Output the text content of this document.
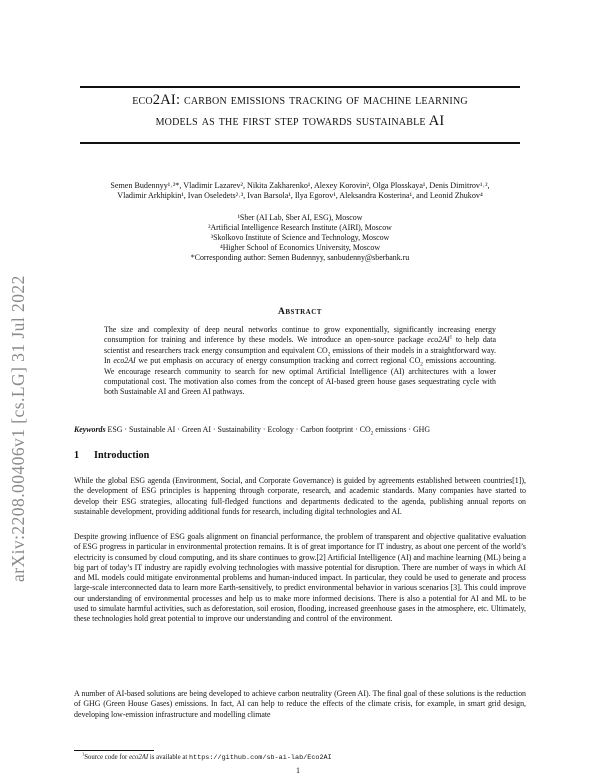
arXiv:2208.00406v1 [cs.LG] 31 Jul 2022
eco2AI: carbon emissions tracking of machine learning
models as the first step towards sustainable AI
Semen Budennyy¹˒²*, Vladimir Lazarev², Nikita Zakharenko¹, Alexey Korovin², Olga Plosskaya¹, Denis Dimitrov¹˒²,
Vladimir Arkhipkin¹, Ivan Oseledets²˒³, Ivan Barsola¹, Ilya Egorov¹, Aleksandra Kosterina¹, and Leonid Zhukov⁴
¹Sber (AI Lab, Sber AI, ESG), Moscow
²Artificial Intelligence Research Institute (AIRI), Moscow
³Skolkovo Institute of Science and Technology, Moscow
⁴Higher School of Economics University, Moscow
*Corresponding author: Semen Budennyy, sanbudenny@sberbank.ru
Abstract

The size and complexity of deep neural networks continue to grow exponentially, significantly increasing energy consumption for training and inference by these models. We introduce an open-source package $eco2AI^1$ to help data scientist and researchers track energy consumption and equivalent $CO_2$ emissions of their models in a straightforward way. In eco2AI we put emphasis on accuracy of energy consumption tracking and correct regional $CO_2$ emissions accounting. We encourage research community to search for new optimal Artificial Intelligence (AI) architectures with a lower computational cost. The motivation also comes from the concept of AI-based green house gases sequestrating cycle with both Sustainable AI and Green AI pathways.

Keywords ESG · Sustainable AI · Green AI · Sustainability · Ecology · Carbon footprint · $CO_2$ emissions · GHG

1 Introduction

While the global ESG agenda (Environment, Social, and Corporate Governance) is guided by agreements established between countries[1]), the development of ESG principles is happening through corporate, research, and academic standards. Many companies have started to develop their ESG strategies, allocating full-fledged functions and departments dedicated to the agenda, publishing annual reports on sustainable development, providing additional funds for research, including digital technologies and AI.

Despite growing influence of ESG goals alignment on financial performance, the problem of transparent and objective qualitative evaluation of ESG progress in particular in environmental protection remains. It is of great importance for IT industry, as about one percent of the world’s electricity is consumed by cloud computing, and its share continues to grow.[2] Artificial Intelligence (AI) and machine learning (ML) being a big part of today’s IT industry are rapidly evolving technologies with massive potential for disruption. There are number of ways in which AI and ML models could mitigate environmental problems and human-induced impact. In particular, they could be used to generate and process large-scale interconnected data to learn more Earth-sensitively, to predict environmental behavior in various scenarios [3]. This could improve our understanding of environmental processes and help us to make more informed decisions. There is also a potential for AI and ML to be used to simulate harmful activities, such as deforestation, soil erosion, flooding, increased greenhouse gases in the atmosphere, etc. Ultimately, these technologies hold great potential to improve our understanding and control of the environment.

A number of AI-based solutions are being developed to achieve carbon neutrality (Green AI). The final goal of these solutions is the reduction of GHG (Green House Gases) emissions. In fact, AI can help to reduce the effects of the climate crisis, for example, in smart grid design, developing low-emission infrastructure and modelling climate

$^1$Source code for eco2AI is available at https://github.com/sb-ai-lab/Eco2AI
1
